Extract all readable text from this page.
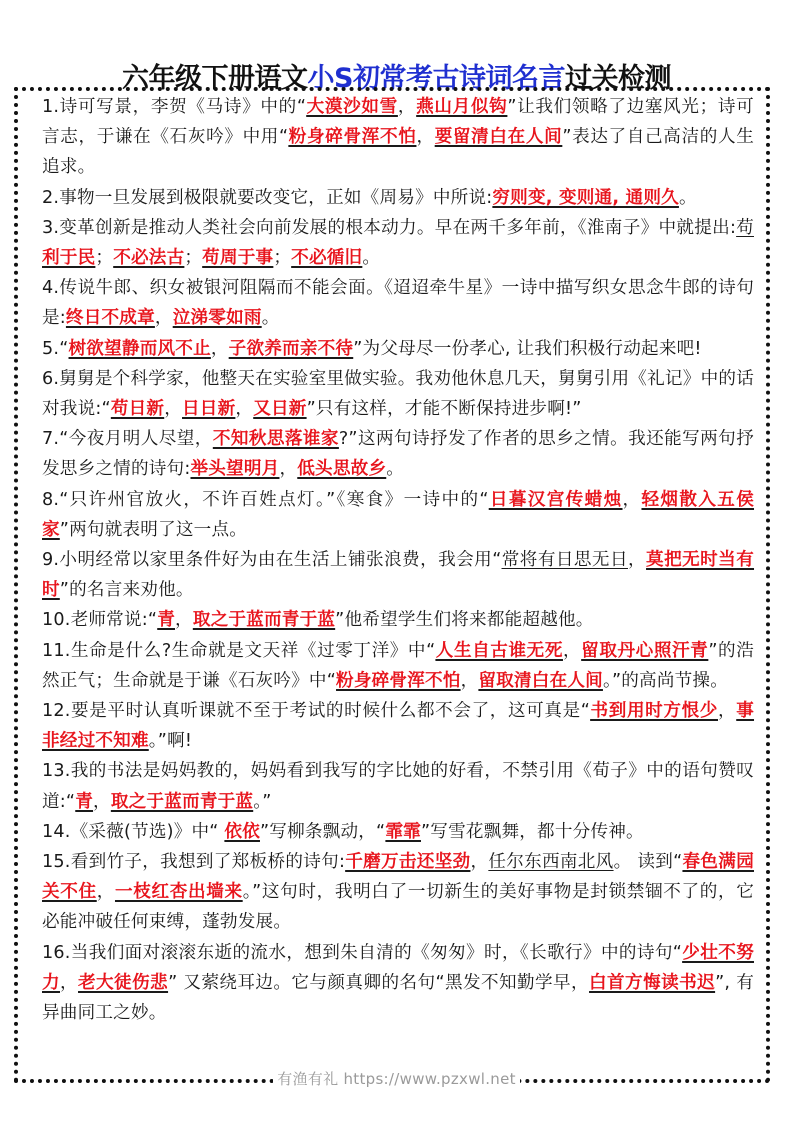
六年级下册语文小S初常考古诗词名言过关检测

1.诗可写景，李贺《马诗》中的“大漠沙如雪，燕山月似钩”让我们领略了边塞风光；诗可言志，于谦在《石灰吟》中用“粉身碎骨浑不怕，要留清白在人间”表达了自己高洁的人生追求。

2.事物一旦发展到极限就要改变它，正如《周易》中所说:穷则变, 变则通, 通则久。

3.变革创新是推动人类社会向前发展的根本动力。早在两千多年前，《淮南子》中就提出:苟利于民；不必法古；苟周于事；不必循旧。

4.传说牛郎、织女被银河阻隔而不能会面。《迢迢牵牛星》一诗中描写织女思念牛郎的诗句是:终日不成章，泣涕零如雨。

5.“树欲望静而风不止，子欲养而亲不待”为父母尽一份孝心, 让我们积极行动起来吧!

6.舅舅是个科学家，他整天在实验室里做实验。我劝他休息几天，舅舅引用《礼记》中的话对我说:“苟日新，日日新，又日新”只有这样，才能不断保持进步啊!”

7.“今夜月明人尽望，不知秋思落谁家?”这两句诗抒发了作者的思乡之情。我还能写两句抒发思乡之情的诗句:举头望明月，低头思故乡。

8.“只许州官放火，不许百姓点灯。”《寒食》一诗中的“日暮汉宫传蜡烛，轻烟散入五侯家”两句就表明了这一点。

9.小明经常以家里条件好为由在生活上铺张浪费，我会用“常将有日思无日，莫把无时当有时”的名言来劝他。

10.老师常说:“青，取之于蓝而青于蓝”他希望学生们将来都能超越他。

11.生命是什么?生命就是文天祥《过零丁洋》中“人生自古谁无死，留取丹心照汗青”的浩然正气；生命就是于谦《石灰吟》中“粉身碎骨浑不怕，留取清白在人间。”的高尚节操。

12.要是平时认真听课就不至于考试的时候什么都不会了，这可真是“书到用时方恨少，事非经过不知难。”啊!

13.我的书法是妈妈教的，妈妈看到我写的字比她的好看，不禁引用《荀子》中的语句赞叹道:“青，取之于蓝而青于蓝。”

14.《采薇(节选)》中“ 依依”写柳条飘动，“霏霏”写雪花飘舞，都十分传神。

15.看到竹子，我想到了郑板桥的诗句:千磨万击还坚劲，任尔东西南北风。 读到“春色满园关不住，一枝红杏出墙来。”这句时，我明白了一切新生的美好事物是封锁禁锢不了的，它必能冲破任何束缚，蓬勃发展。

16.当我们面对滚滚东逝的流水，想到朱自清的《匆匆》时，《长歌行》中的诗句“少壮不努力，老大徒伤悲” 又萦绕耳边。它与颜真卿的名句“黑发不知勤学早，白首方悔读书迟”, 有异曲同工之妙。

有渔有礼 https://www.pzxwl.net
